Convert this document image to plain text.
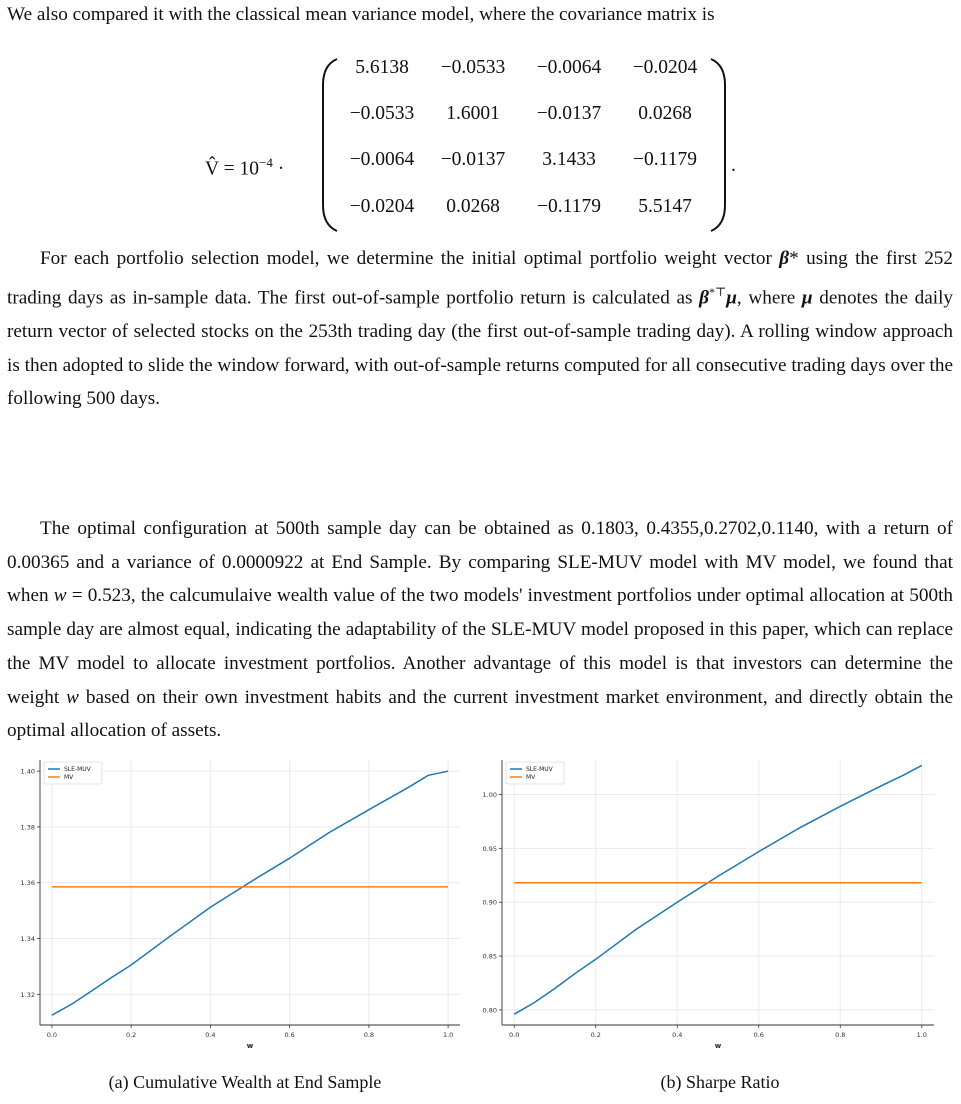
We also compared it with the classical mean variance model, where the covariance matrix is

V̂ = $10^{-4}$ ·
5.6138	−0.0533	−0.0064	−0.0204
−0.0533	1.6001	−0.0137	0.0268
−0.0064	−0.0137	3.1433	−0.1179
−0.0204	0.0268	−0.1179	5.5147
.

For each portfolio selection model, we determine the initial optimal portfolio weight vector β* using the first 252 trading days as in-sample data. The first out-of-sample portfolio return is calculated as β*⊤μ, where μ denotes the daily return vector of selected stocks on the 253th trading day (the first out-of-sample trading day). A rolling window approach is then adopted to slide the window forward, with out-of-sample returns computed for all consecutive trading days over the following 500 days.

The optimal configuration at 500th sample day can be obtained as 0.1803, 0.4355,0.2702,0.1140, with a return of 0.00365 and a variance of 0.0000922 at End Sample. By comparing SLE-MUV model with MV model, we found that when w = 0.523, the calcumulaive wealth value of the two models' investment portfolios under optimal allocation at 500th sample day are almost equal, indicating the adaptability of the SLE-MUV model proposed in this paper, which can replace the MV model to allocate investment portfolios. Another advantage of this model is that investors can determine the weight w based on their own investment habits and the current investment market environment, and directly obtain the optimal allocation of assets.

0.0	0.2	0.4	0.6	0.8	1.0
1.32
1.34
1.36
1.38
1.40
w
SLE-MUV
MV
0.0	0.2	0.4	0.6	0.8	1.0
0.80
0.85
0.90
0.95
1.00
w
SLE-MUV
MV
(a) Cumulative Wealth at End Sample	(b) Sharpe Ratio
